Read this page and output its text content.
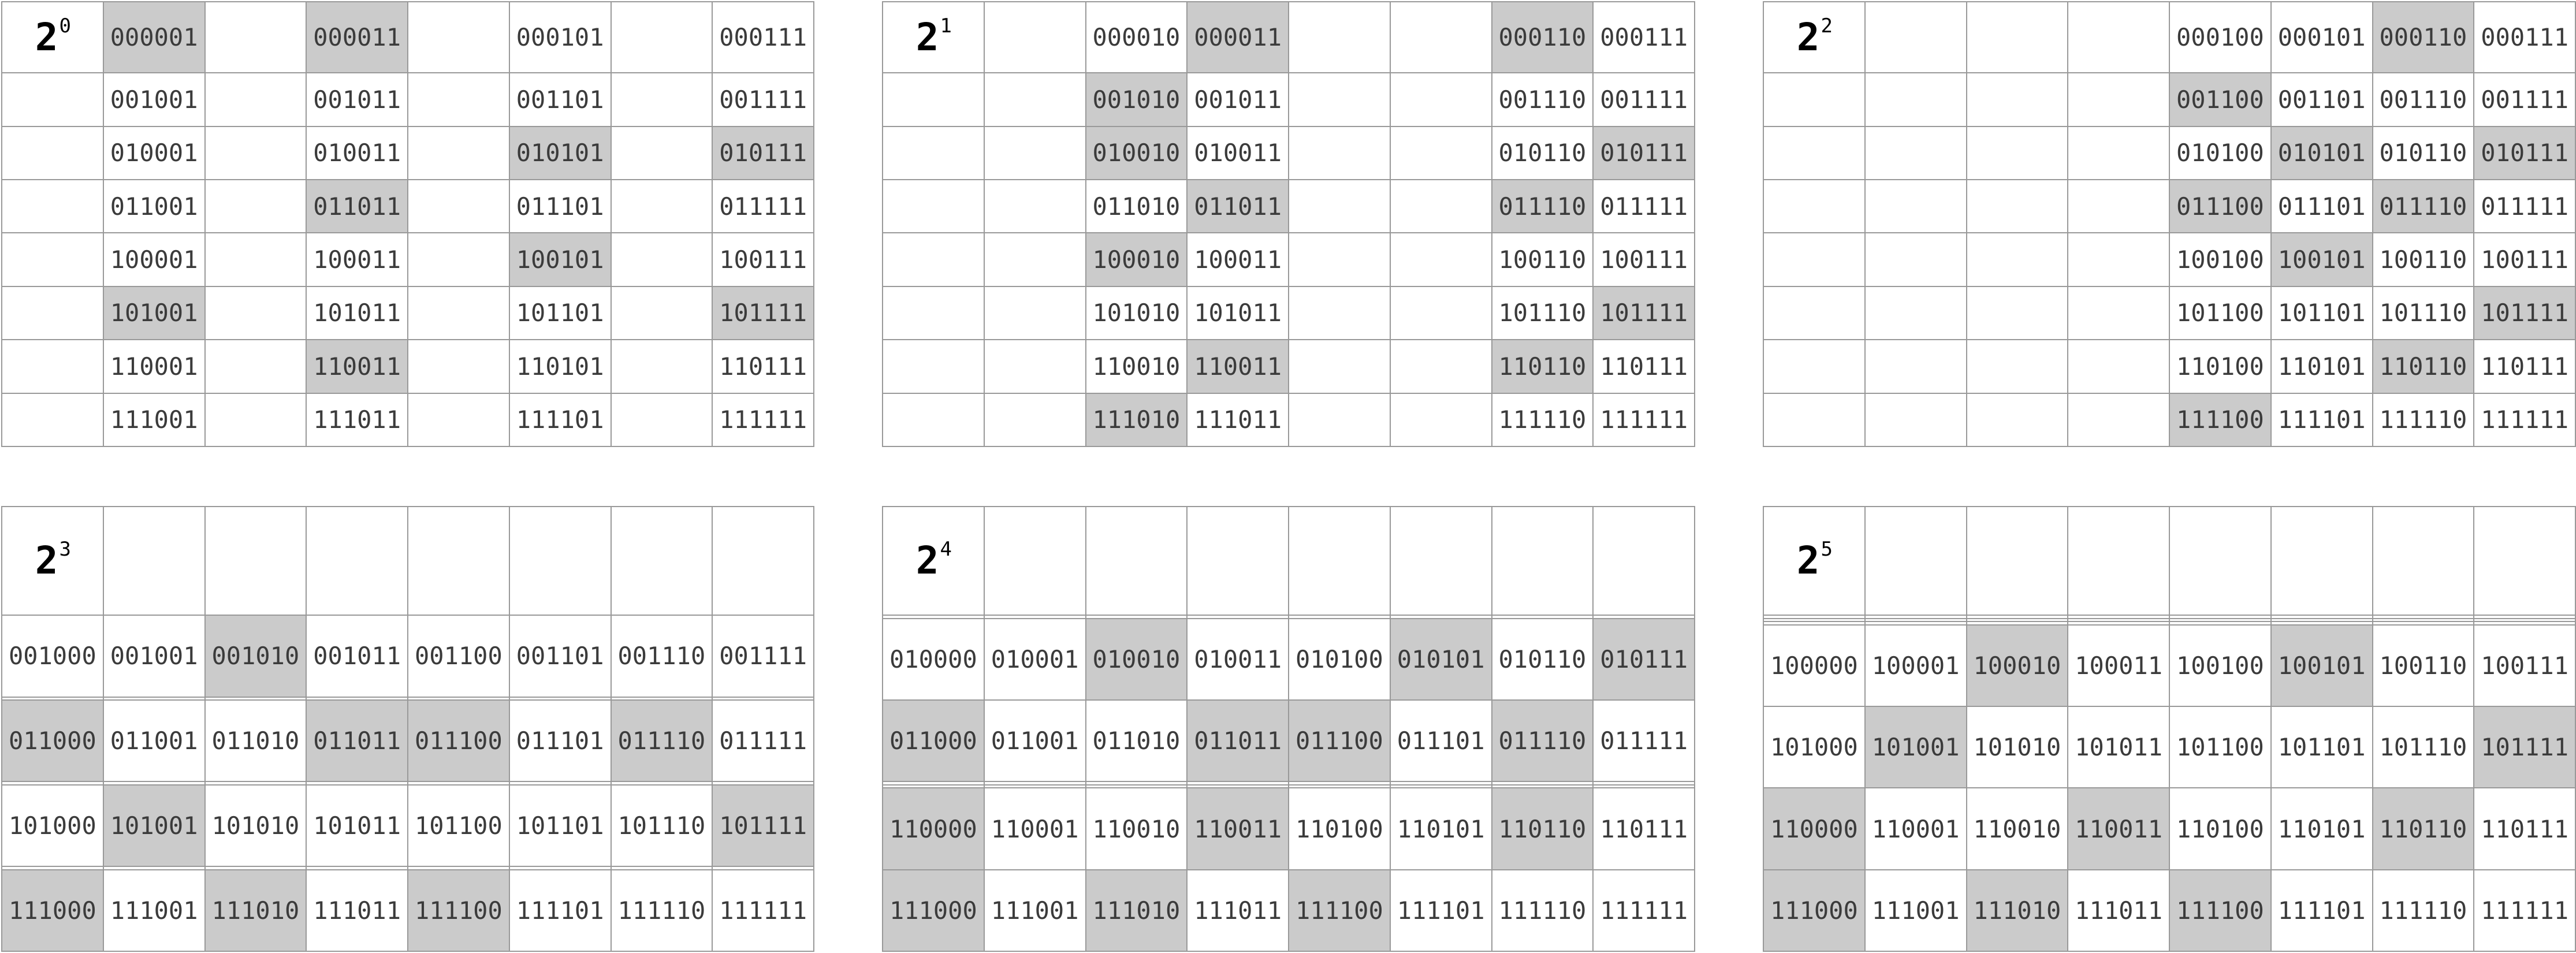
$2^0$	000001		000011		000101		000111
	001001		001011		001101		001111
	010001		010011		010101		010111
	011001		011011		011101		011111
	100001		100011		100101		100111
	101001		101011		101101		101111
	110001		110011		110101		110111
	111001		111011		111101		111111
$2^1$		000010	000011			000110	000111
		001010	001011			001110	001111
		010010	010011			010110	010111
		011010	011011			011110	011111
		100010	100011			100110	100111
		101010	101011			101110	101111
		110010	110011			110110	110111
		111010	111011			111110	111111
$2^2$				000100	000101	000110	000111
				001100	001101	001110	001111
				010100	010101	010110	010111
				011100	011101	011110	011111
				100100	100101	100110	100111
				101100	101101	101110	101111
				110100	110101	110110	110111
				111100	111101	111110	111111
$2^3$							
001000	001001	001010	001011	001100	001101	001110	001111

011000	011001	011010	011011	011100	011101	011110	011111

101000	101001	101010	101011	101100	101101	101110	101111

111000	111001	111010	111011	111100	111101	111110	111111
$2^4$							

010000	010001	010010	010011	010100	010101	010110	010111
011000	011001	011010	011011	011100	011101	011110	011111

110000	110001	110010	110011	110100	110101	110110	110111
111000	111001	111010	111011	111100	111101	111110	111111
$2^5$							

100000	100001	100010	100011	100100	100101	100110	100111
101000	101001	101010	101011	101100	101101	101110	101111
110000	110001	110010	110011	110100	110101	110110	110111
111000	111001	111010	111011	111100	111101	111110	111111
